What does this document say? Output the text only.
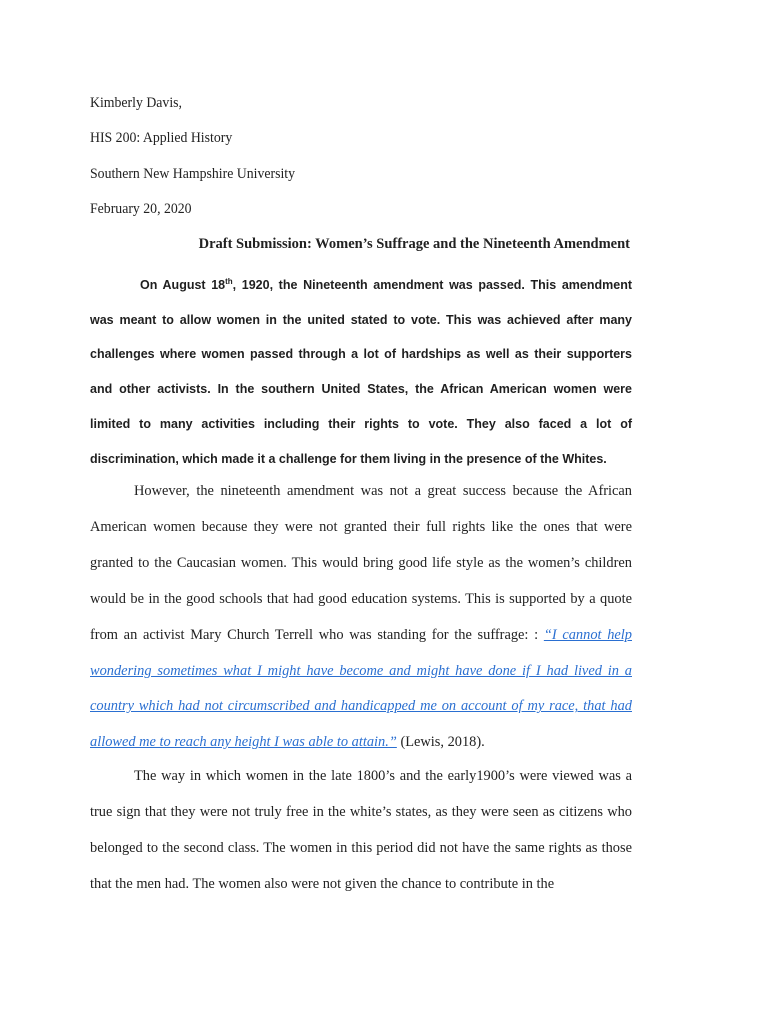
Kimberly Davis,
HIS 200: Applied History
Southern New Hampshire University
February 20, 2020
Draft Submission: Women’s Suffrage and the Nineteenth Amendment
On August 18th, 1920, the Nineteenth amendment was passed. This amendment was meant to allow women in the united stated to vote. This was achieved after many challenges where women passed through a lot of hardships as well as their supporters and other activists. In the southern United States, the African American women were limited to many activities including their rights to vote. They also faced a lot of discrimination, which made it a challenge for them living in the presence of the Whites.
However, the nineteenth amendment was not a great success because the African American women because they were not granted their full rights like the ones that were granted to the Caucasian women. This would bring good life style as the women’s children would be in the good schools that had good education systems. This is supported by a quote from an activist Mary Church Terrell who was standing for the suffrage: : “I cannot help wondering sometimes what I might have become and might have done if I had lived in a country which had not circumscribed and handicapped me on account of my race, that had allowed me to reach any height I was able to attain.” (Lewis, 2018).
The way in which women in the late 1800’s and the early1900’s were viewed was a true sign that they were not truly free in the white’s states, as they were seen as citizens who belonged to the second class. The women in this period did not have the same rights as those that the men had. The women also were not given the chance to contribute in the
